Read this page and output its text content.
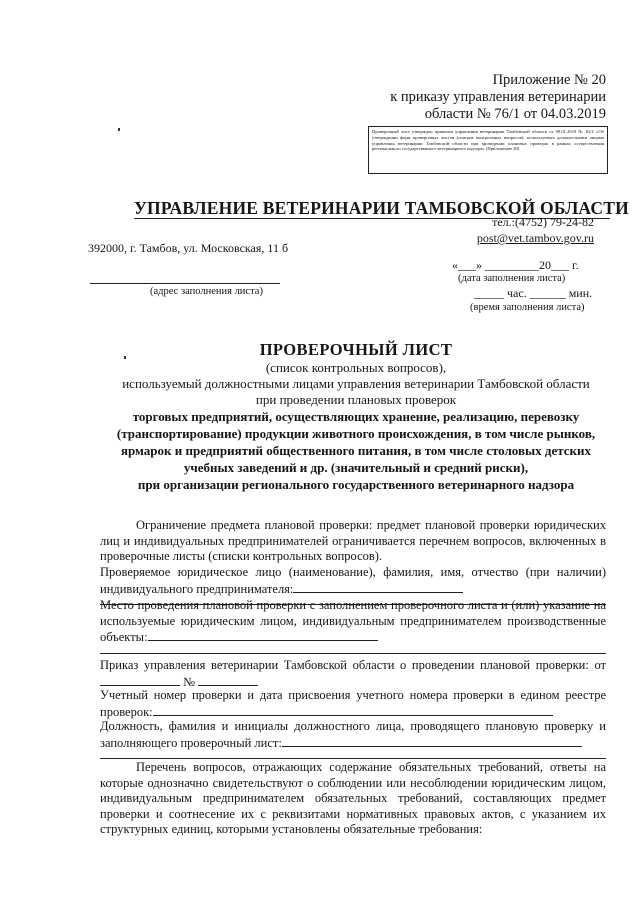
Приложение № 20
к приказу управления ветеринарии
области № 76/1 от 04.03.2019
Проверочный лист утвержден приказом управления ветеринарии Тамбовской области от 09.01.2019 № 02/1 «Об утверждении форм проверочных листов (списков контрольных вопросов), используемых должностными лицами управления ветеринарии Тамбовской области при проведении плановых проверок в рамках осуществления регионального государственного ветеринарного надзора» (Приложение 20)
УПРАВЛЕНИЕ ВЕТЕРИНАРИИ ТАМБОВСКОЙ ОБЛАСТИ
тел.:(4752) 79-24-82
post@vet.tambov.gov.ru
392000, г. Тамбов, ул. Московская, 11 б
«___» _________20___ г.
(дата заполнения листа)
_____ час. ______ мин.
(время заполнения листа)
(адрес заполнения листа)
ПРОВЕРОЧНЫЙ ЛИСТ
(список контрольных вопросов),
используемый должностными лицами управления ветеринарии Тамбовской области
при проведении плановых проверок
торговых предприятий, осуществляющих хранение, реализацию, перевозку
(транспортирование) продукции животного происхождения, в том числе рынков,
ярмарок и предприятий общественного питания, в том числе столовых детских
учебных заведений и др. (значительный и средний риски),
при организации регионального государственного ветеринарного надзора

Ограничение предмета плановой проверки: предмет плановой проверки юридических лиц и индивидуальных предпринимателей ограничивается перечнем вопросов, включенных в проверочные листы (списки контрольных вопросов).

Проверяемое юридическое лицо (наименование), фамилия, имя, отчество (при наличии) индивидуального предпринимателя:

Место проведения плановой проверки с заполнением проверочного листа и (или) указание на используемые юридическим лицом, индивидуальным предпринимателем производственные объекты:

Приказ управления ветеринарии Тамбовской области о проведении плановой проверки: от  №

Учетный номер проверки и дата присвоения учетного номера проверки в едином реестре проверок:

Должность, фамилия и инициалы должностного лица, проводящего плановую проверку и заполняющего проверочный лист:

Перечень вопросов, отражающих содержание обязательных требований, ответы на которые однозначно свидетельствуют о соблюдении или несоблюдении юридическим лицом, индивидуальным предпринимателем обязательных требований, составляющих предмет проверки и соотнесение их с реквизитами нормативных правовых актов, с указанием их структурных единиц, которыми установлены обязательные требования:
